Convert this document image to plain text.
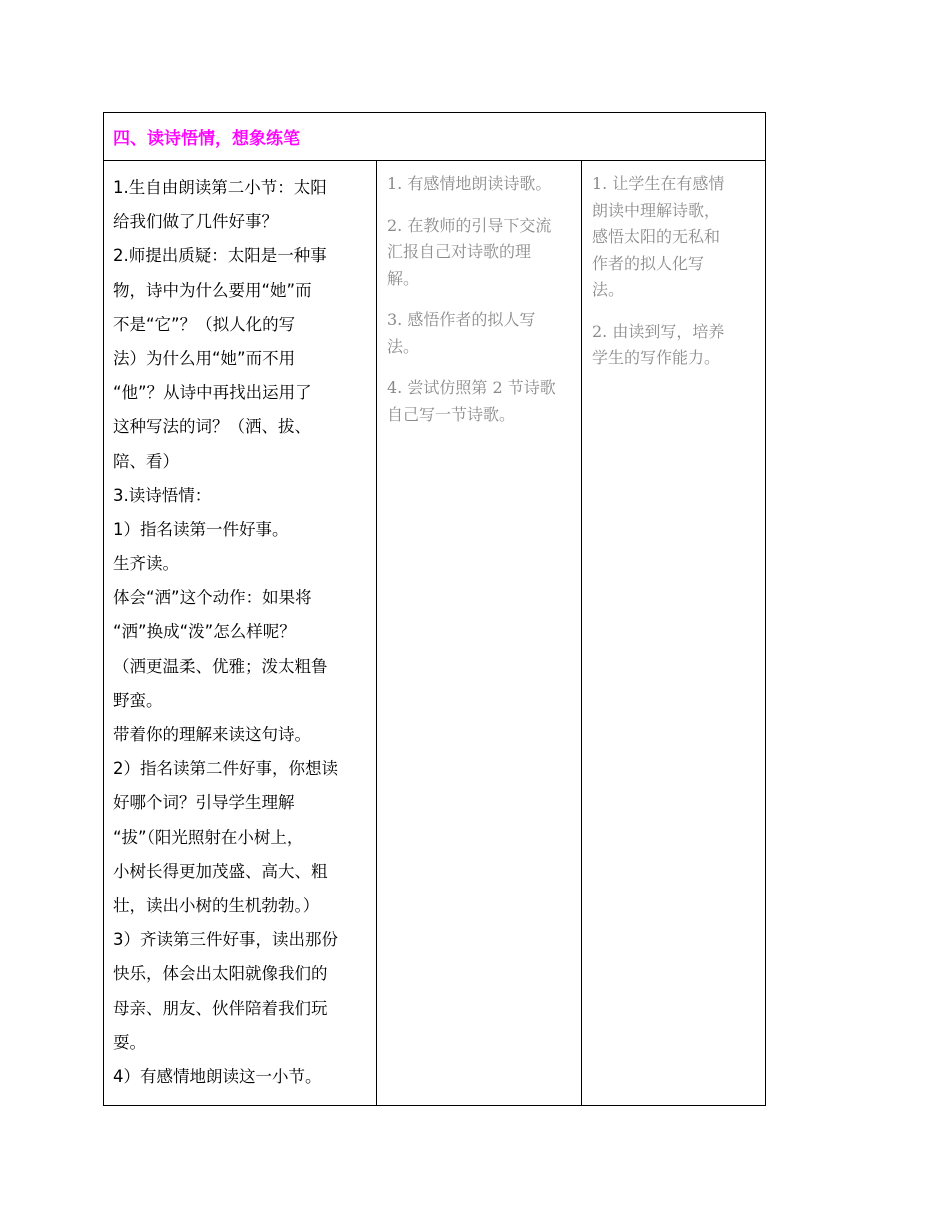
四、读诗悟情，想象练笔
1.生自由朗读第二小节：太阳
给我们做了几件好事？
2.师提出质疑：太阳是一种事
物，诗中为什么要用“她”而
不是“它”？（拟人化的写
法）为什么用“她”而不用
“他”？从诗中再找出运用了
这种写法的词？（洒、拔、
陪、看）
3.读诗悟情：
1）指名读第一件好事。
生齐读。
体会“洒”这个动作：如果将
“洒”换成“泼”怎么样呢？
（洒更温柔、优雅；泼太粗鲁
野蛮。
带着你的理解来读这句诗。
2）指名读第二件好事，你想读
好哪个词？引导学生理解
“拔”（阳光照射在小树上，
小树长得更加茂盛、高大、粗
壮，读出小树的生机勃勃。）
3）齐读第三件好事，读出那份
快乐，体会出太阳就像我们的
母亲、朋友、伙伴陪着我们玩
耍。
4）有感情地朗读这一小节。
1. 有感情地朗读诗歌。
2. 在教师的引导下交流
汇报自己对诗歌的理
解。
3. 感悟作者的拟人写
法。
4. 尝试仿照第 2 节诗歌
自己写一节诗歌。
1. 让学生在有感情
朗读中理解诗歌，
感悟太阳的无私和
作者的拟人化写
法。
2. 由读到写，培养
学生的写作能力。
